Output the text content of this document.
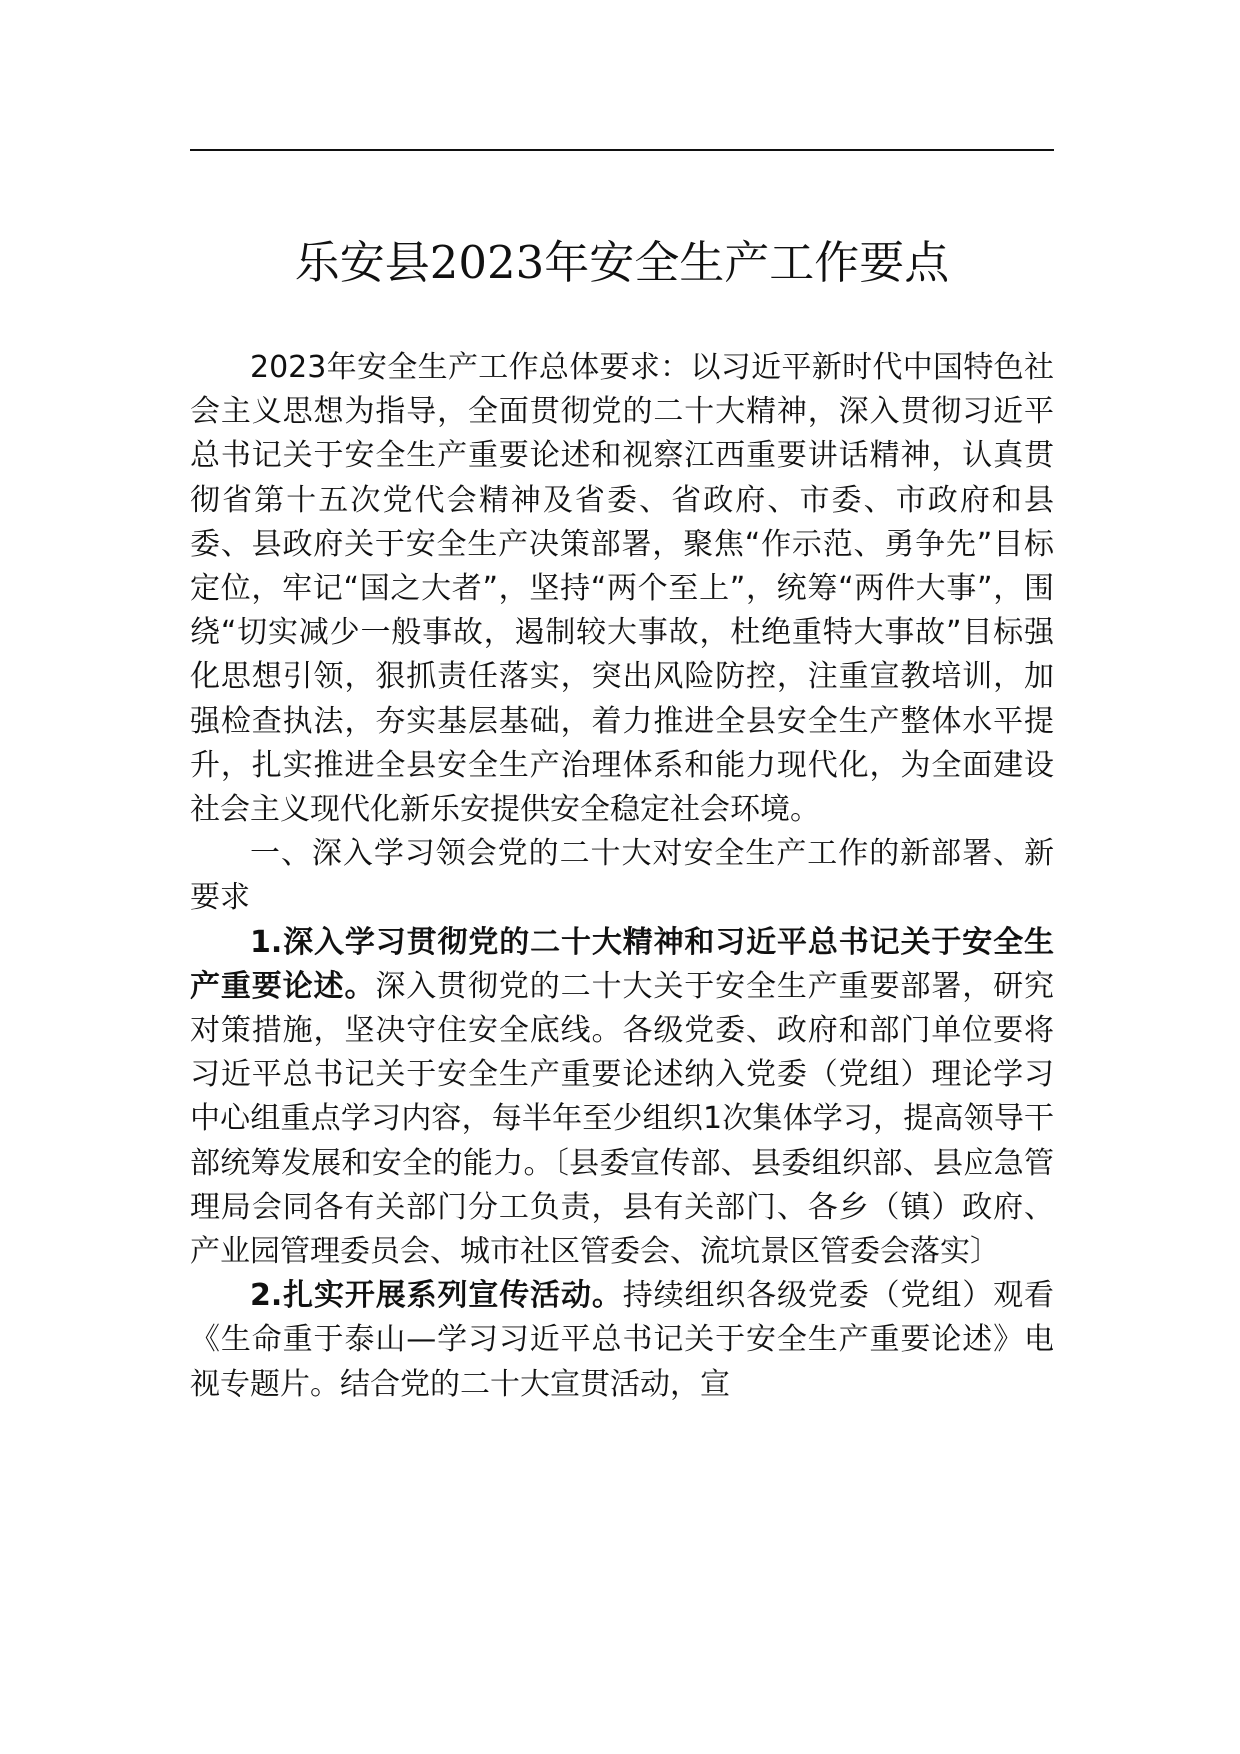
乐安县2023年安全生产工作要点

2023年安全生产工作总体要求：以习近平新时代中国特色社会主义思想为指导，全面贯彻党的二十大精神，深入贯彻习近平总书记关于安全生产重要论述和视察江西重要讲话精神，认真贯彻省第十五次党代会精神及省委、省政府、市委、市政府和县委、县政府关于安全生产决策部署，聚焦“作示范、勇争先”目标定位，牢记“国之大者”，坚持“两个至上”，统筹“两件大事”，围绕“切实减少一般事故，遏制较大事故，杜绝重特大事故”目标强化思想引领，狠抓责任落实，突出风险防控，注重宣教培训，加强检查执法，夯实基层基础，着力推进全县安全生产整体水平提升，扎实推进全县安全生产治理体系和能力现代化，为全面建设社会主义现代化新乐安提供安全稳定社会环境。

一、深入学习领会党的二十大对安全生产工作的新部署、新要求

1.深入学习贯彻党的二十大精神和习近平总书记关于安全生产重要论述。深入贯彻党的二十大关于安全生产重要部署，研究对策措施，坚决守住安全底线。各级党委、政府和部门单位要将习近平总书记关于安全生产重要论述纳入党委（党组）理论学习中心组重点学习内容，每半年至少组织1次集体学习，提高领导干部统筹发展和安全的能力。〔县委宣传部、县委组织部、县应急管理局会同各有关部门分工负责，县有关部门、各乡（镇）政府、产业园管理委员会、城市社区管委会、流坑景区管委会落实〕

2.扎实开展系列宣传活动。持续组织各级党委（党组）观看《生命重于泰山—学习习近平总书记关于安全生产重要论述》电视专题片。结合党的二十大宣贯活动，宣
